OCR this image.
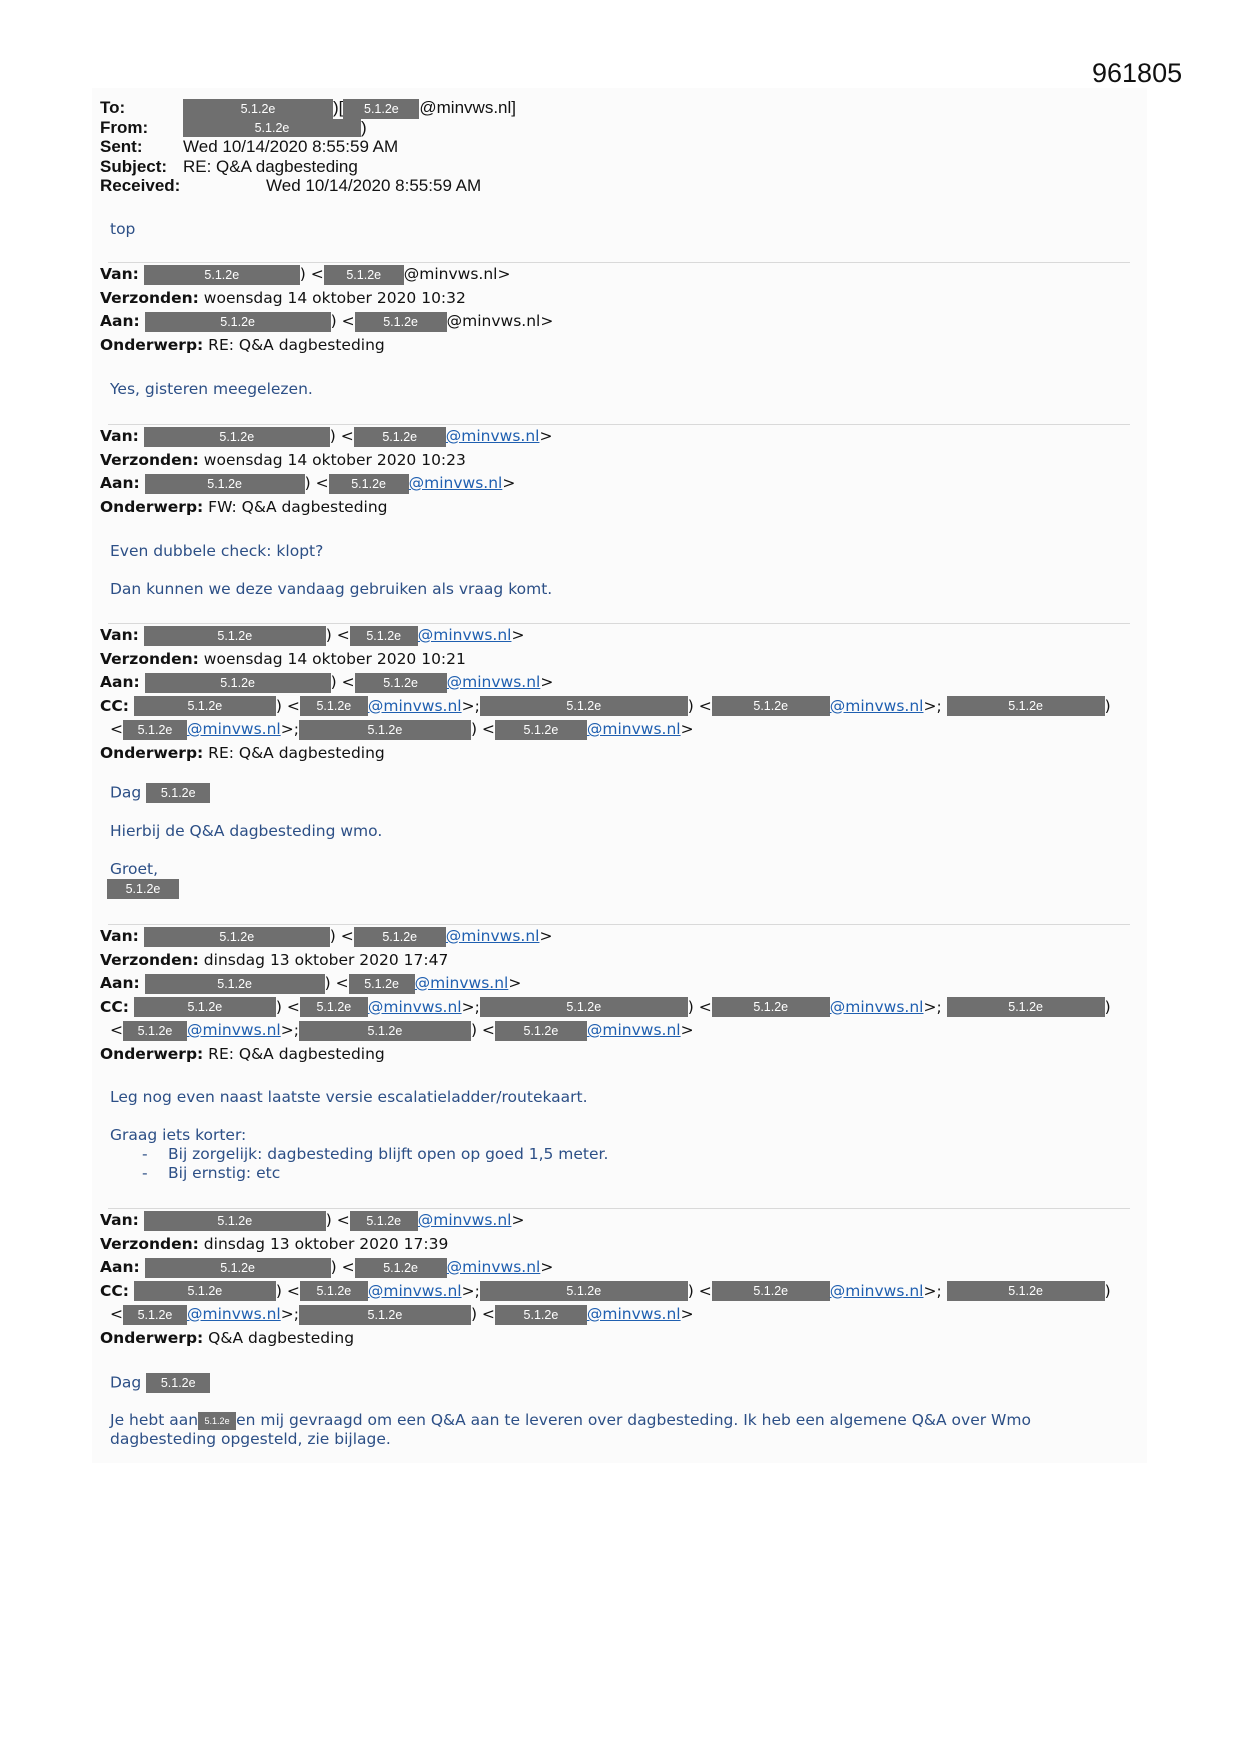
961805
To:	5.1.2e	)[ 5.1.2e @minvws.nl]
From:	5.1.2e	)
Sent: Wed 10/14/2020 8:55:59 AM
Subject: RE: Q&A dagbesteding
Received:	Wed 10/14/2020 8:55:59 AM
top
Van:	5.1.2e	) < 5.1.2e @minvws.nl>
Verzonden: woensdag 14 oktober 2020 10:32
Aan:	5.1.2e	) < 5.1.2e @minvws.nl>
Onderwerp: RE: Q&A dagbesteding
Yes, gisteren meegelezen.
Van:	5.1.2e	) < 5.1.2e @minvws.nl>
Verzonden: woensdag 14 oktober 2020 10:23
Aan:	5.1.2e	) < 5.1.2e @minvws.nl>
Onderwerp: FW: Q&A dagbesteding
Even dubbele check: klopt?
Dan kunnen we deze vandaag gebruiken als vraag komt.
Van:	5.1.2e	) < 5.1.2e @minvws.nl>
Verzonden: woensdag 14 oktober 2020 10:21
Aan:	5.1.2e	) < 5.1.2e @minvws.nl>
CC:	5.1.2e	) < 5.1.2e @minvws.nl>;	5.1.2e	) <	5.1.2e	@minvws.nl>;	5.1.2e	)
< 5.1.2e @minvws.nl>;	5.1.2e	) < 5.1.2e @minvws.nl>
Onderwerp: RE: Q&A dagbesteding
Dag 5.1.2e
Hierbij de Q&A dagbesteding wmo.
Groet,
5.1.2e
Van:	5.1.2e	) < 5.1.2e @minvws.nl>
Verzonden: dinsdag 13 oktober 2020 17:47
Aan:	5.1.2e	) < 5.1.2e @minvws.nl>
CC:	5.1.2e	) < 5.1.2e @minvws.nl>;	5.1.2e	) <	5.1.2e	@minvws.nl>;	5.1.2e	)
< 5.1.2e @minvws.nl>;	5.1.2e	) < 5.1.2e @minvws.nl>
Onderwerp: RE: Q&A dagbesteding
Leg nog even naast laatste versie escalatieladder/routekaart.
Graag iets korter:
- Bij zorgelijk: dagbesteding blijft open op goed 1,5 meter.
- Bij ernstig: etc
Van:	5.1.2e	) < 5.1.2e @minvws.nl>
Verzonden: dinsdag 13 oktober 2020 17:39
Aan:	5.1.2e	) < 5.1.2e @minvws.nl>
CC:	5.1.2e	) < 5.1.2e @minvws.nl>;	5.1.2e	) <	5.1.2e	@minvws.nl>;	5.1.2e	)
< 5.1.2e @minvws.nl>;	5.1.2e	) < 5.1.2e @minvws.nl>
Onderwerp: Q&A dagbesteding
Dag 5.1.2e
Je hebt aan 5.1.2e en mij gevraagd om een Q&A aan te leveren over dagbesteding. Ik heb een algemene Q&A over Wmo
dagbesteding opgesteld, zie bijlage.
